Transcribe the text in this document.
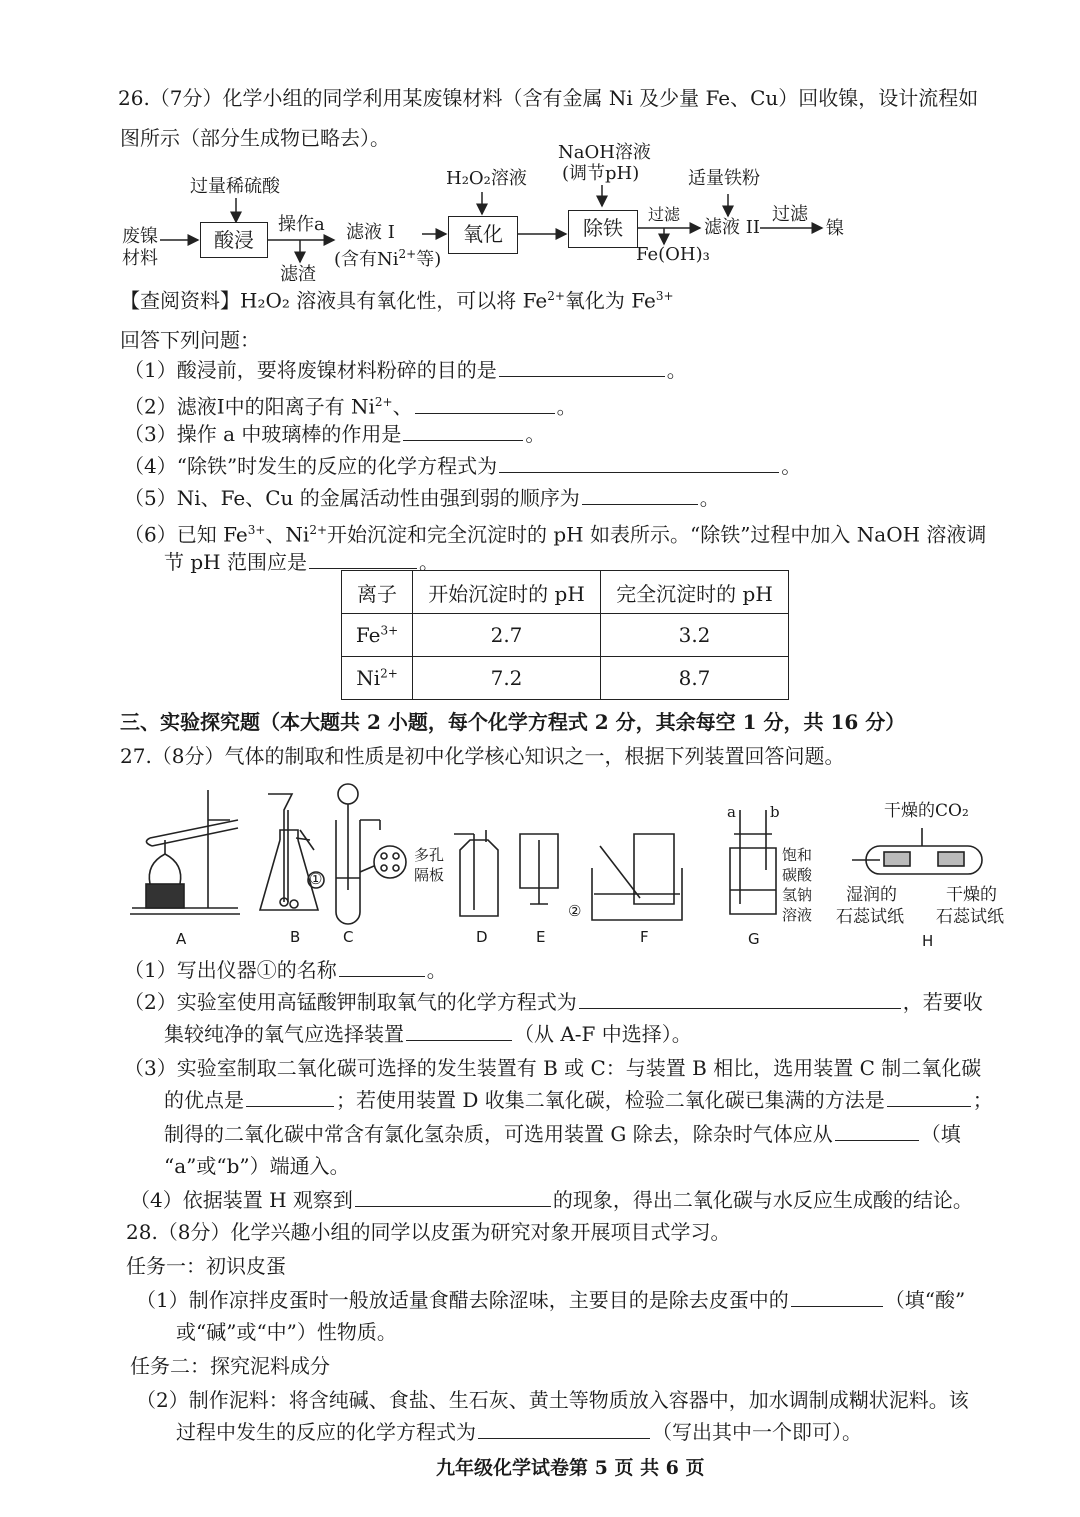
26.（7分）化学小组的同学利用某废镍材料（含有金属 Ni 及少量 Fe、Cu）回收镍，设计流程如
图所示（部分生成物已略去）。
废镍
材料
过量稀硫酸
酸浸
操作a
滤渣
滤液 I
(含有$Ni^{2+}$等)
H₂O₂溶液
氧化
NaOH溶液
(调节pH)
除铁
过滤
Fe(OH)₃
适量铁粉
滤液 II
过滤
镍
【查阅资料】H₂O₂ 溶液具有氧化性，可以将 $Fe^{2+}$氧化为 $Fe^{3+}$
回答下列问题：
（1）酸浸前，要将废镍材料粉碎的目的是	。
（2）滤液I中的阳离子有 $Ni^{2+}$、	。
（3）操作 a 中玻璃棒的作用是	。
（4）“除铁”时发生的反应的化学方程式为	。
（5）Ni、Fe、Cu 的金属活动性由强到弱的顺序为	。
（6）已知 $Fe^{3+}$、$Ni^{2+}$开始沉淀和完全沉淀时的 pH 如表所示。“除铁”过程中加入 NaOH 溶液调
节 pH 范围应是	。
离子	开始沉淀时的 pH	完全沉淀时的 pH
$Fe^{3+}$	2.7	3.2
$Ni^{2+}$	7.2	8.7
三、实验探究题（本大题共 2 小题，每个化学方程式 2 分，其余每空 1 分，共 16 分）
27.（8分）气体的制取和性质是初中化学核心知识之一，根据下列装置回答问题。
A	B	C	D	E	F	G	H
①
②
多孔
隔板
a b
饱和
碳酸
氢钠
溶液
干燥的CO₂
湿润的
石蕊试纸
干燥的
石蕊试纸
（1）写出仪器①的名称	。
（2）实验室使用高锰酸钾制取氧气的化学方程式为	，若要收
集较纯净的氧气应选择装置	（从 A-F 中选择）。
（3）实验室制取二氧化碳可选择的发生装置有 B 或 C：与装置 B 相比，选用装置 C 制二氧化碳
的优点是	；若使用装置 D 收集二氧化碳，检验二氧化碳已集满的方法是	；
制得的二氧化碳中常含有氯化氢杂质，可选用装置 G 除去，除杂时气体应从	（填
“a”或“b”）端通入。
（4）依据装置 H 观察到	的现象，得出二氧化碳与水反应生成酸的结论。
28.（8分）化学兴趣小组的同学以皮蛋为研究对象开展项目式学习。
任务一：初识皮蛋
（1）制作凉拌皮蛋时一般放适量食醋去除涩味，主要目的是除去皮蛋中的	（填“酸”
或“碱”或“中”）性物质。
任务二：探究泥料成分
（2）制作泥料：将含纯碱、食盐、生石灰、黄土等物质放入容器中，加水调制成糊状泥料。该
过程中发生的反应的化学方程式为	（写出其中一个即可）。
九年级化学试卷第 5 页 共 6 页
